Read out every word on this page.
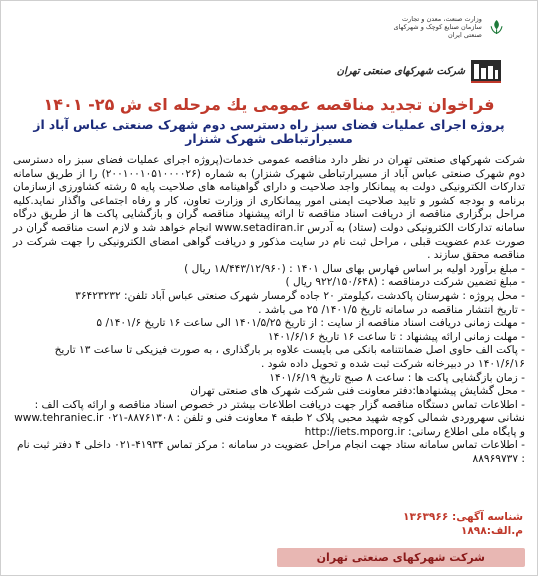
وزارت صنعت، معدن و تجارت
سازمان صنایع کوچک و شهرکهای صنعتی ایران
شرکت شهرکهای صنعتی تهران
فراخوان تجدید مناقصه عمومی یك مرحله ای ش ۲۵- ۱۴۰۱
پروژه اجرای عملیات فضای سبز راه دسترسی دوم شهرک صنعتی عباس آباد از مسیرارتباطی شهرک شنزار
شرکت شهرکهای صنعتی تهران در نظر دارد مناقصه عمومی خدمات(پروژه اجرای عملیات فضای سبز راه دسترسی دوم شهرک صنعتی عباس آباد از مسیرارتباطی شهرک شنزار) به شماره (۲۰۰۱۰۰۱۰۵۱۰۰۰۰۲۶) را از طریق سامانه تدارکات الکترونیکی دولت به پیمانکار واجد صلاحیت و دارای گواهینامه های صلاحیت پایه ۵ رشته کشاورزی ازسازمان برنامه و بودجه کشور و تایید صلاحیت ایمنی امور پیمانکاری از وزارت تعاون، کار و رفاه اجتماعی واگذار نماید.کلیه مراحل برگزاری مناقصه از دریافت اسناد مناقصه تا ارائه پیشنهاد مناقصه گران و بازگشایی پاکت ها از طریق درگاه سامانه تدارکات الکترونیکی دولت (ستاد) به آدرس www.setadiran.ir انجام خواهد شد و لازم است مناقصه گران در صورت عدم عضویت قبلی ، مراحل ثبت نام در سایت مذکور و دریافت گواهی امضای الکترونیکی را جهت شرکت در مناقصه محقق سازند .
- مبلغ برآورد اولیه بر اساس فهارس بهای سال ۱۴۰۱ : (۱۸/۴۴۳/۱۲/۹۶۰ ریال )
- مبلغ تضمین شرکت درمناقصه : (۹۲۲/۱۵۰/۶۴۸ ریال )
- محل پروژه : شهرستان پاکدشت ،کیلومتر ۲۰ جاده گرمسار شهرک صنعتی عباس آباد تلفن: ۳۶۴۲۳۲۳۲
- تاریخ انتشار مناقصه در سامانه تاریخ ۱۴۰۱/۵/ ۲۵ می باشد .
- مهلت زمانی دریافت اسناد مناقصه از سایت : از تاریخ ۱۴۰۱/۵/۲۵ الی ساعت ۱۶ تاریخ ۱۴۰۱/۶/ ۵
- مهلت زمانی ارائه پیشنهاد : تا ساعت ۱۶ تاریخ ۱۴۰۱/۶/۱۶
- پاکت الف حاوی اصل ضمانتنامه بانکی می بایست علاوه بر بارگذاری ، به صورت فیزیکی تا ساعت ۱۳ تاریخ ۱۴۰۱/۶/۱۶ در دبیرخانه شرکت ثبت شده و تحویل داده شود .
- زمان بازگشایی پاکت ها : ساعت ۸ صبح تاریخ ۱۴۰۱/۶/۱۹
- محل گشایش پیشنهادها:دفتر معاونت فنی شرکت شهرک های صنعتی تهران
- اطلاعات تماس دستگاه مناقصه گزار جهت دریافت اطلاعات بیشتر در خصوص اسناد مناقصه و ارائه پاکت الف : نشانی سهروردی شمالی کوچه شهید محبی پلاک ۲ طبقه ۴ معاونت فنی و تلفن : ۸۸۷۶۱۳۰۸-۰۲۱ www.tehraniec.ir و پایگاه ملی اطلاع رسانی: http://iets.mporg.ir
- اطلاعات تماس سامانه ستاد جهت انجام مراحل عضویت در سامانه : مرکز تماس ۴۱۹۳۴-۰۲۱ داخلی ۴ دفتر ثبت نام : ۸۸۹۶۹۷۳۷
شناسه آگهی: ۱۳۶۳۹۶۶
م.الف:۱۸۹۸
شرکت شهرکهای صنعتی تهران
